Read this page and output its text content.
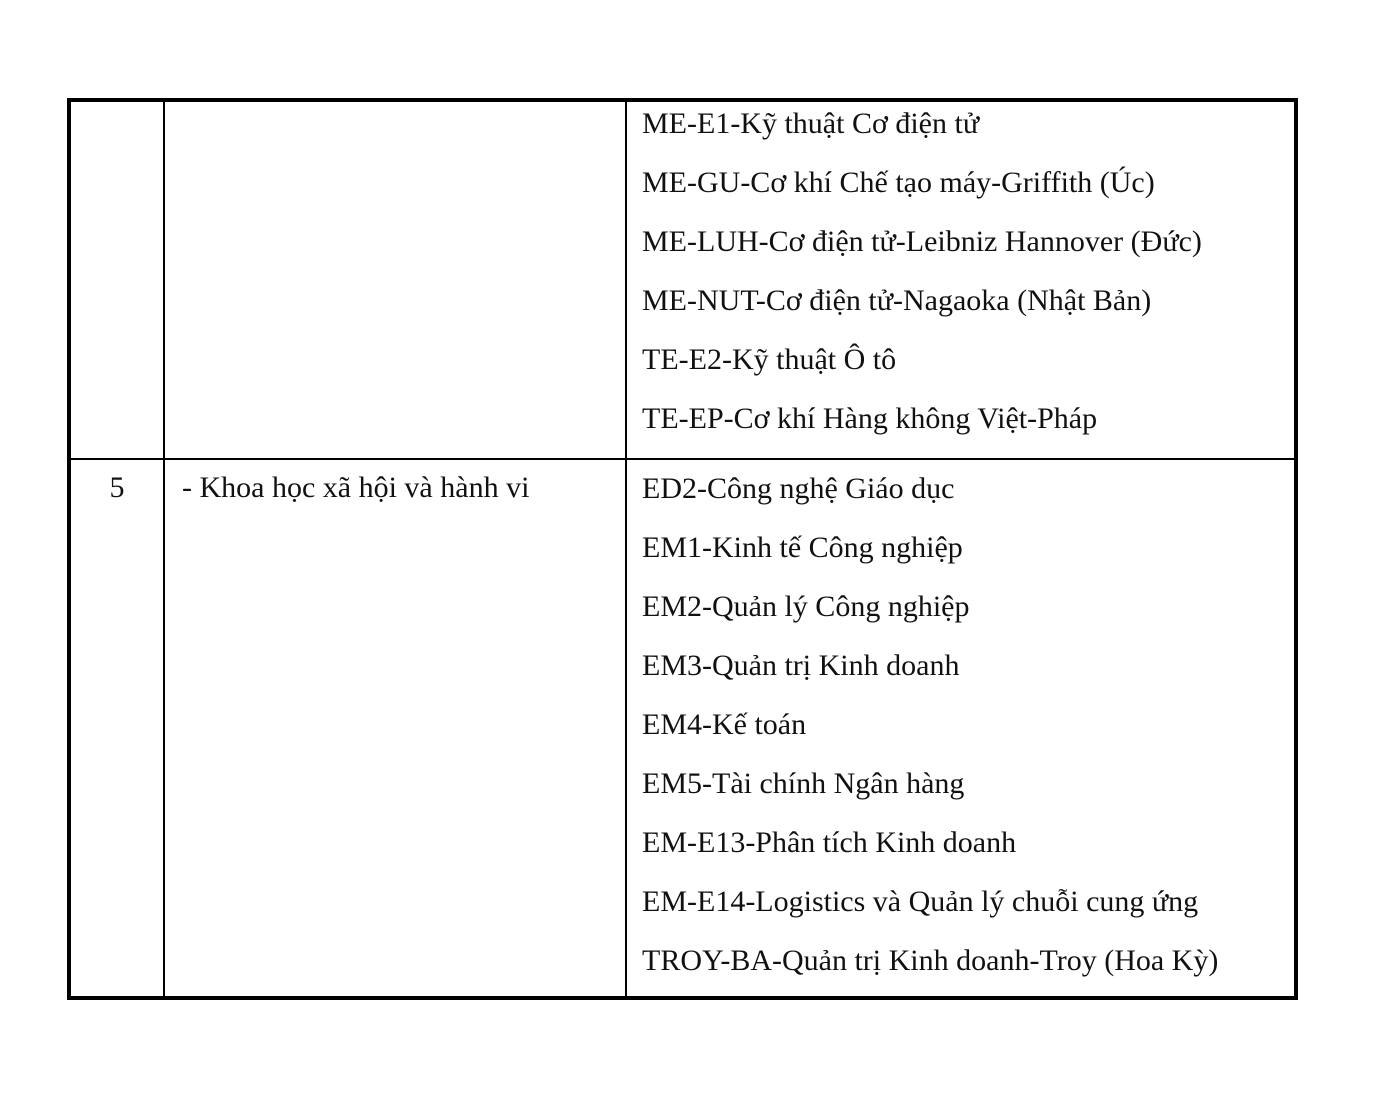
ME-E1-Kỹ thuật Cơ điện tử
ME-GU-Cơ khí Chế tạo máy-Griffith (Úc)
ME-LUH-Cơ điện tử-Leibniz Hannover (Đức)
ME-NUT-Cơ điện tử-Nagaoka (Nhật Bản)
TE-E2-Kỹ thuật Ô tô
TE-EP-Cơ khí Hàng không Việt-Pháp
5	- Khoa học xã hội và hành vi	ED2-Công nghệ Giáo dục
EM1-Kinh tế Công nghiệp
EM2-Quản lý Công nghiệp
EM3-Quản trị Kinh doanh
EM4-Kế toán
EM5-Tài chính Ngân hàng
EM-E13-Phân tích Kinh doanh
EM-E14-Logistics và Quản lý chuỗi cung ứng
TROY-BA-Quản trị Kinh doanh-Troy (Hoa Kỳ)
